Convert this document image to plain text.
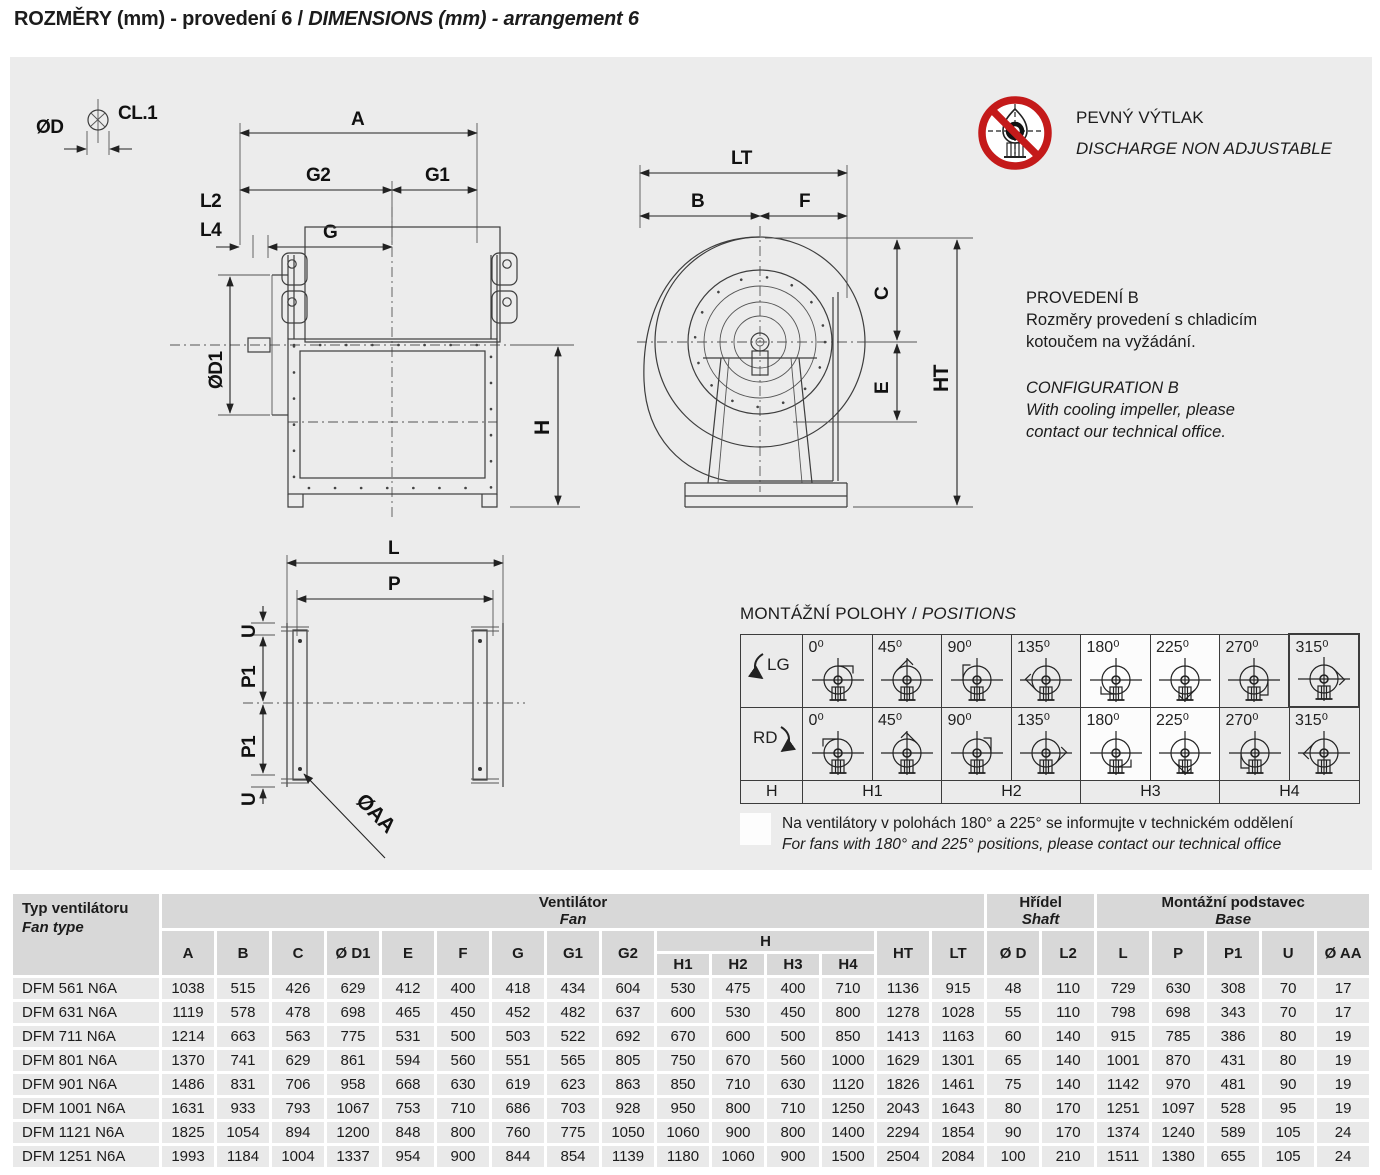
ROZMĚRY (mm) - provedení 6 / DIMENSIONS (mm) - arrangement 6
ØD
CL.1	A
G2	G1
L2
L4	G
ØD1
H
LT
B	F
C
E HT
L
P
U
P1
P1
U	ØAA
PEVNÝ VÝTLAK
DISCHARGE NON ADJUSTABLE
PROVEDENÍ B
Rozměry provedení s chladicím
kotoučem na vyžádání.
CONFIGURATION B
With cooling impeller, please
contact our technical office.
MONTÁŽNÍ POLOHY / POSITIONS
LG	0⁰	45⁰	90⁰	135⁰	180⁰	225⁰	270⁰	315⁰

RD	0⁰	45⁰	90⁰	135⁰	180⁰	225⁰	270⁰	315⁰

H	H1		H2		H3		H4	
Na ventilátory v polohách 180° a 225° se informujte v technickém oddělení
For fans with 180° and 225° positions, please contact our technical office
Typ ventilátoru
Fan type

Ventilátor
Fan

Hřídel
Shaft

Montážní podstavec
Base

	A	B	C	Ø D1	E	F	G	G1	G2	H				HT	LT	Ø D	L2	L	P	P1	U	Ø AA
										H1	H2	H3	H4									
DFM 561 N6A	1038	515	426	629	412	400	418	434	604	530	475	400	710	1136	915	48	110	729	630	308	70	17
DFM 631 N6A	1119	578	478	698	465	450	452	482	637	600	530	450	800	1278	1028	55	110	798	698	343	70	17
DFM 711 N6A	1214	663	563	775	531	500	503	522	692	670	600	500	850	1413	1163	60	140	915	785	386	80	19
DFM 801 N6A	1370	741	629	861	594	560	551	565	805	750	670	560	1000	1629	1301	65	140	1001	870	431	80	19
DFM 901 N6A	1486	831	706	958	668	630	619	623	863	850	710	630	1120	1826	1461	75	140	1142	970	481	90	19
DFM 1001 N6A	1631	933	793	1067	753	710	686	703	928	950	800	710	1250	2043	1643	80	170	1251	1097	528	95	19
DFM 1121 N6A	1825	1054	894	1200	848	800	760	775	1050	1060	900	800	1400	2294	1854	90	170	1374	1240	589	105	24
DFM 1251 N6A	1993	1184	1004	1337	954	900	844	854	1139	1180	1060	900	1500	2504	2084	100	210	1511	1380	655	105	24
